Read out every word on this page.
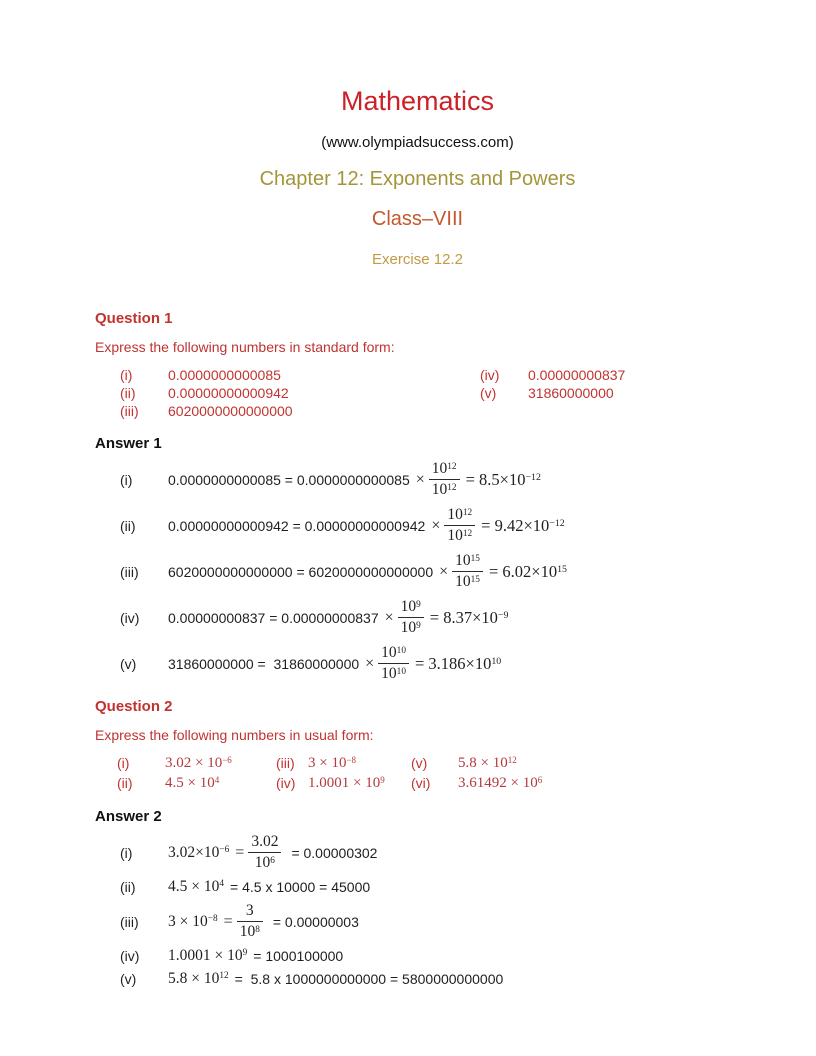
Mathematics
(www.olympiadsuccess.com)
Chapter 12: Exponents and Powers
Class–VIII
Exercise 12.2
Question 1

Express the following numbers in standard form:

(i)	0.0000000000085	(iv)	0.00000000837
(ii)	0.00000000000942	(v)	31860000000
(iii)	6020000000000000
Answer 1
(i)	$0.0000000000085 = 0.0000000000085 \times \frac{10^{12}}{10^{12}} = 8.5\times 10^{-12}$
(ii)	$0.00000000000942 = 0.00000000000942 \times \frac{10^{12}}{10^{12}} = 9.42\times 10^{-12}$
(iii)	$6020000000000000 = 6020000000000000 \times \frac{10^{15}}{10^{15}} = 6.02\times 10^{15}$
(iv)	$0.00000000837 = 0.00000000837 \times \frac{10^9}{10^9} = 8.37\times 10^{-9}$
(v)	$31860000000 = 31860000000 \times \frac{10^{10}}{10^{10}} = 3.186\times 10^{10}$
Question 2

Express the following numbers in usual form:

(i)	$3.02 \times 10^{-6}$	(iii) $3 \times 10^{-8}$	(v)	$5.8 \times 10^{12}$
(ii)	$4.5 \times 10^4$	(iv) $1.0001 \times 10^9$	(vi)	$3.61492 \times 10^6$
Answer 2
(i)	$3.02\times 10^{-6} = \frac{3.02}{10^6} = 0.00000302$
(ii)	$4.5 \times 10^4 = 4.5$ x 10000 = 45000
(iii)	$3 \times 10^{-8} = \frac{3}{10^8} = 0.00000003$
(iv)	$1.0001 \times 10^9 = 1000100000$
(v)	$5.8 \times 10^{12} = 5.8$ x 1000000000000 = 5800000000000
